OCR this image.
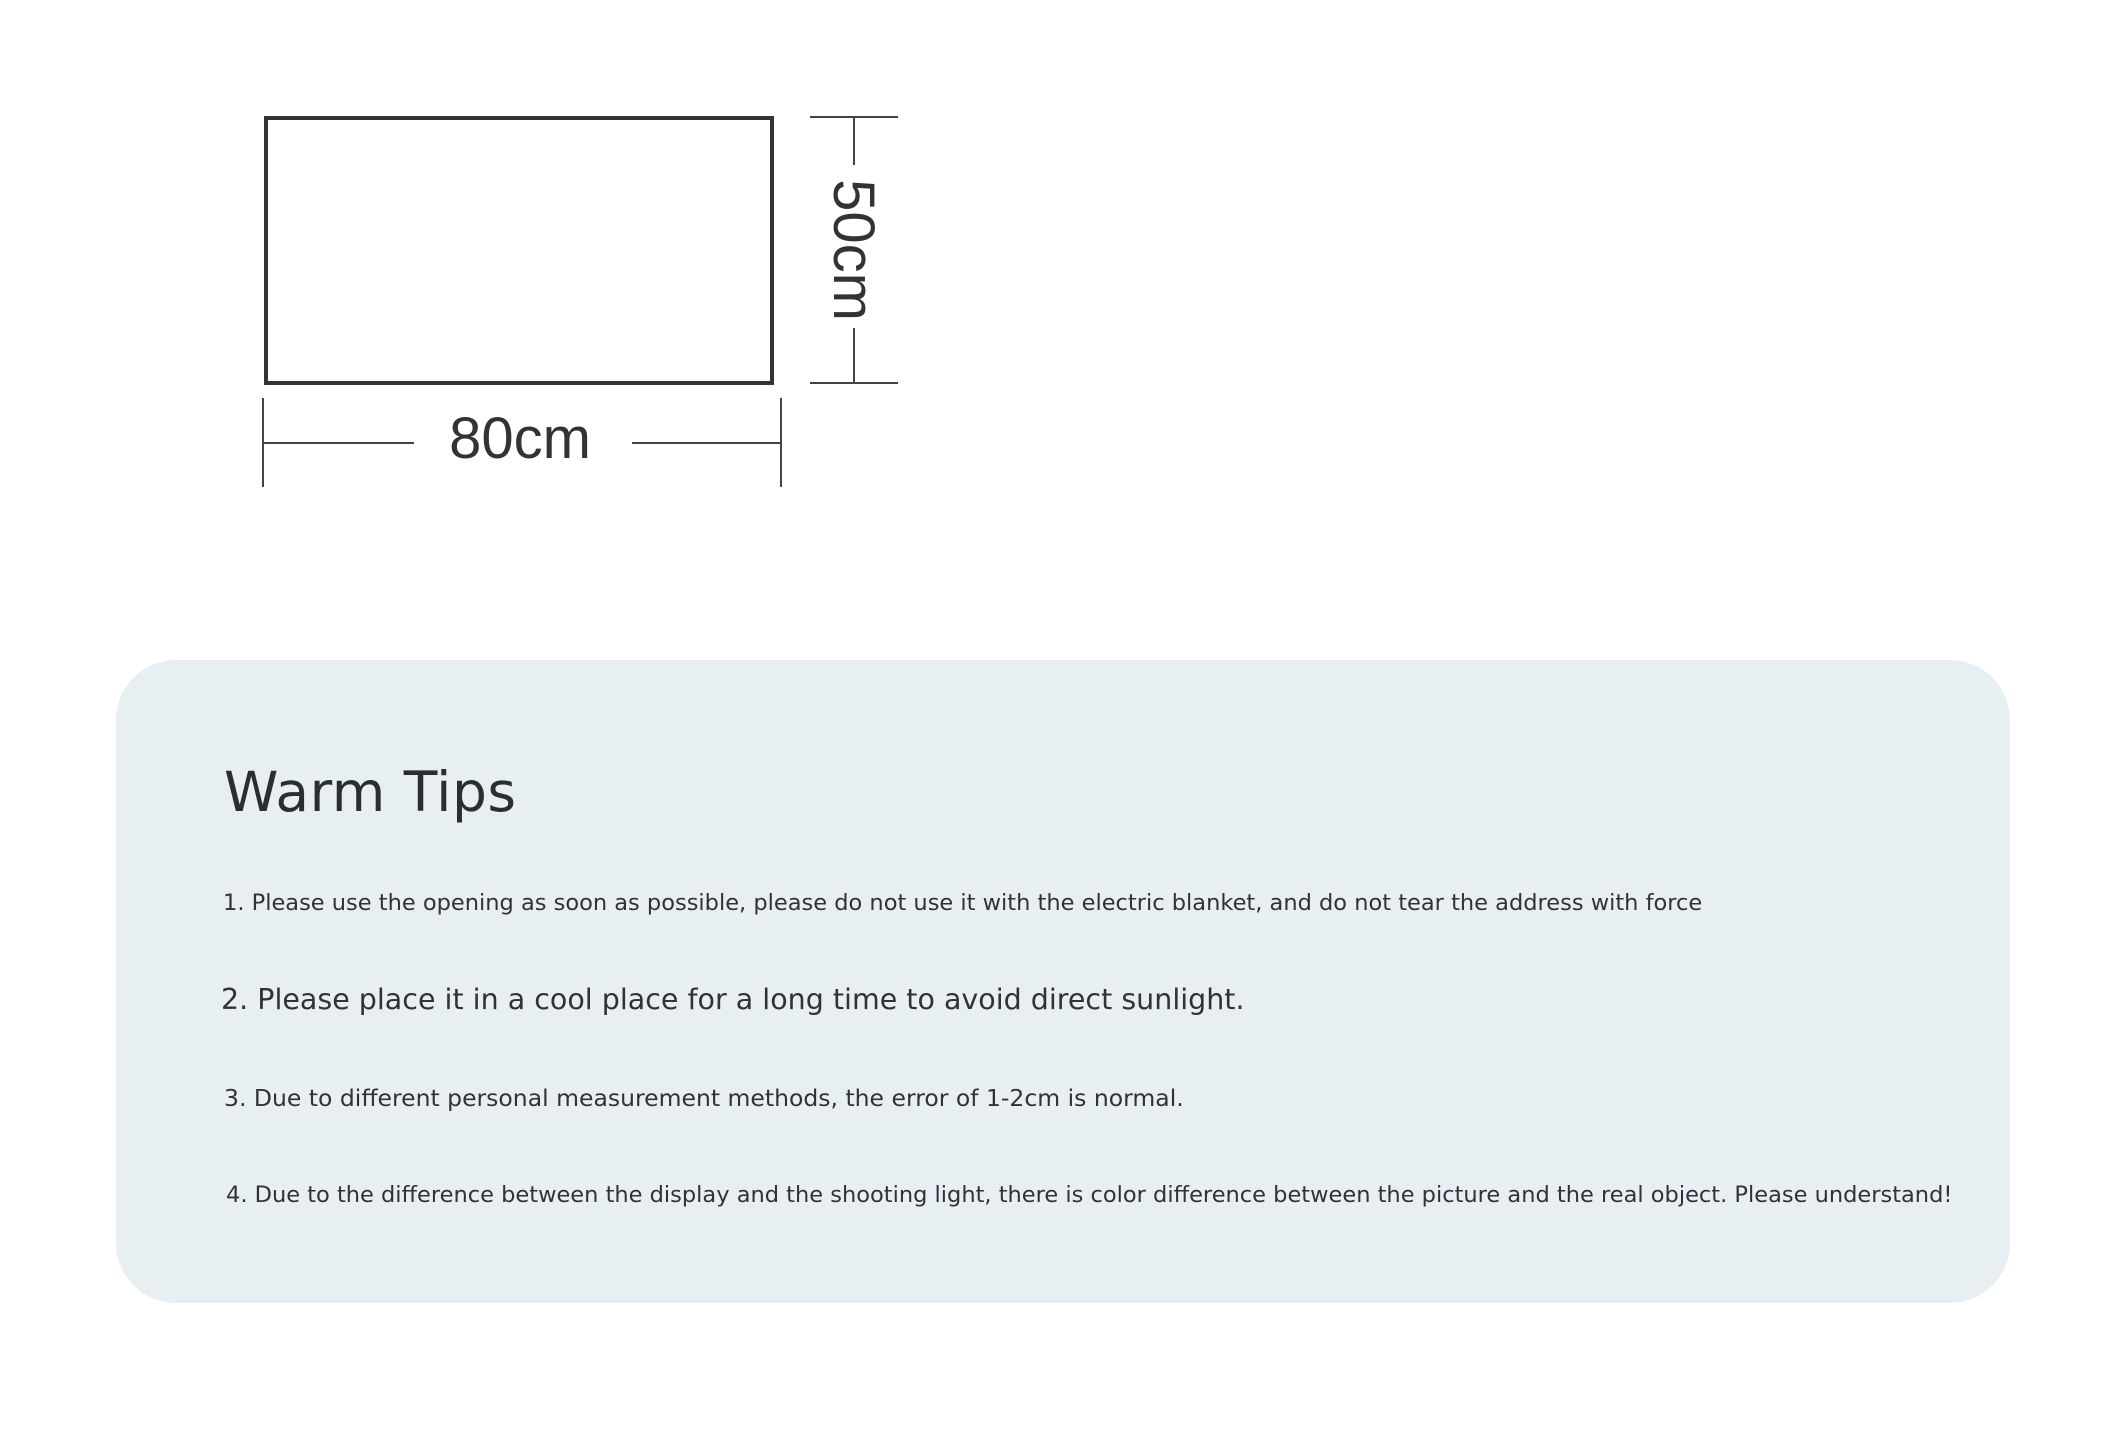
80cm
50cm
Warm Tips

1. Please use the opening as soon as possible, please do not use it with the electric blanket, and do not tear the address with force

2. Please place it in a cool place for a long time to avoid direct sunlight.

3. Due to different personal measurement methods, the error of 1-2cm is normal.

4. Due to the difference between the display and the shooting light, there is color difference between the picture and the real object. Please understand!
